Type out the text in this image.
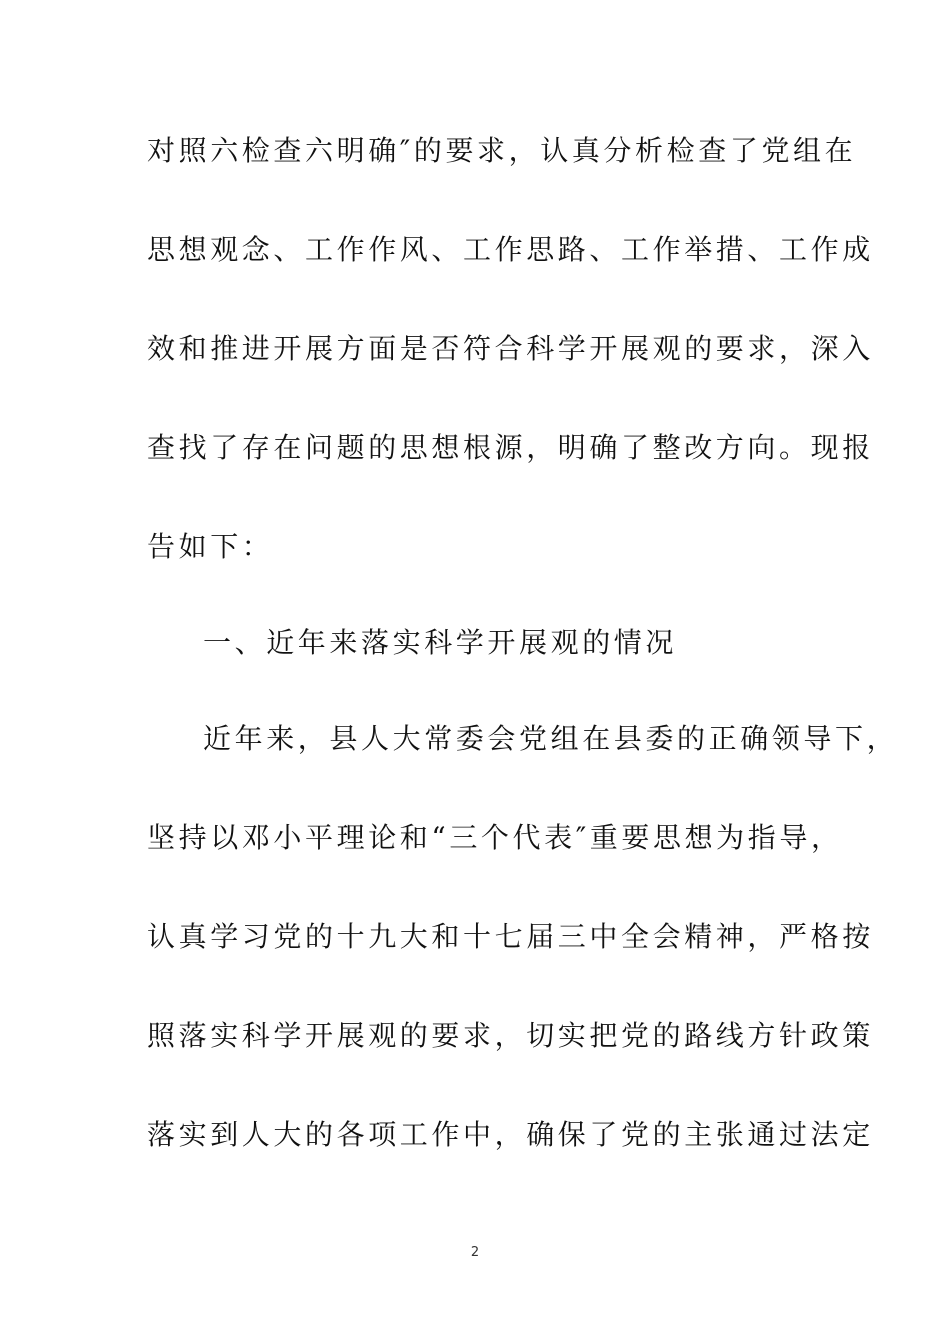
对照六检查六明确″的要求，认真分析检查了党组在
思想观念、工作作风、工作思路、工作举措、工作成
效和推进开展方面是否符合科学开展观的要求，深入
查找了存在问题的思想根源，明确了整改方向。现报
告如下：
一、近年来落实科学开展观的情况
近年来，县人大常委会党组在县委的正确领导下，
坚持以邓小平理论和“三个代表″重要思想为指导，
认真学习党的十九大和十七届三中全会精神，严格按
照落实科学开展观的要求，切实把党的路线方针政策
落实到人大的各项工作中，确保了党的主张通过法定
2
